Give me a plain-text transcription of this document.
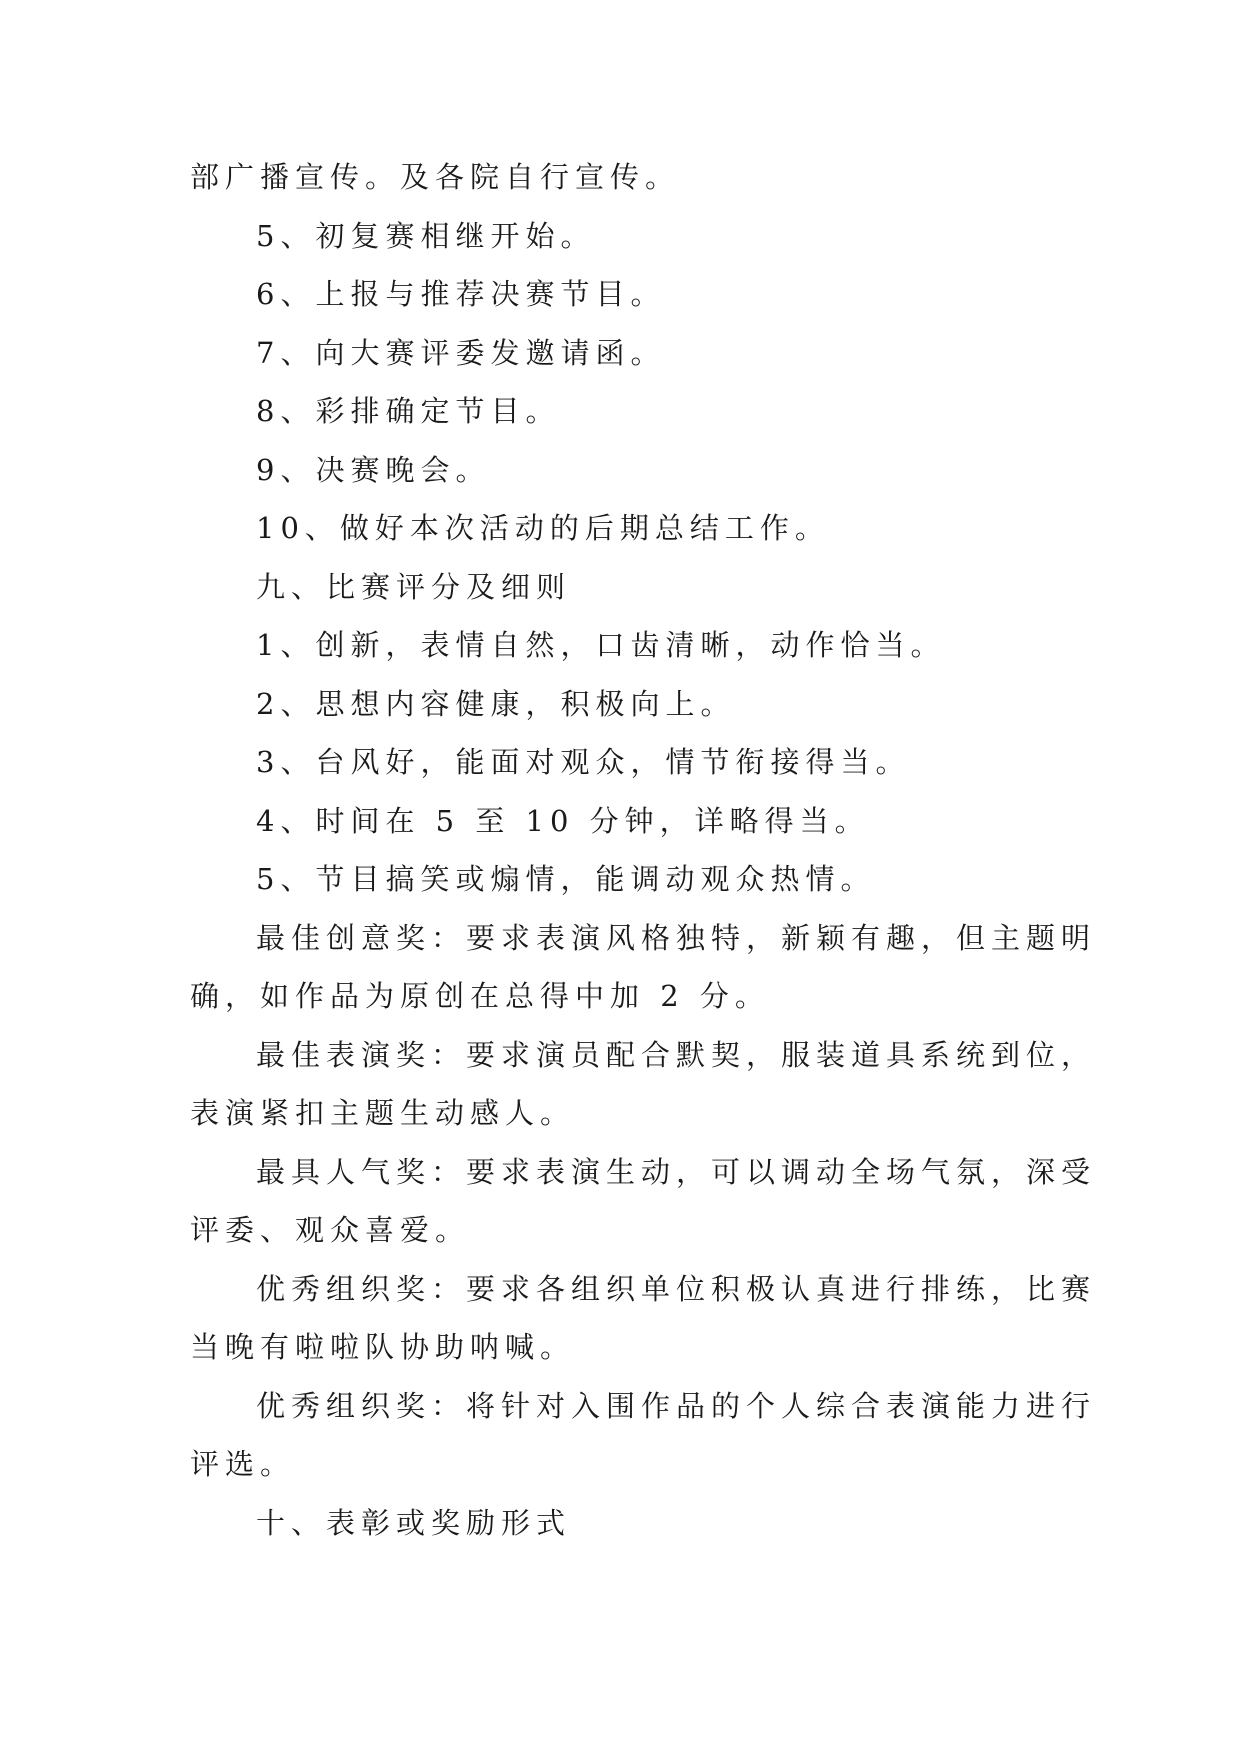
部广播宣传。及各院自行宣传。

5、初复赛相继开始。

6、上报与推荐决赛节目。

7、向大赛评委发邀请函。

8、彩排确定节目。

9、决赛晚会。

10、做好本次活动的后期总结工作。

九、比赛评分及细则

1、创新，表情自然，口齿清晰，动作恰当。

2、思想内容健康，积极向上。

3、台风好，能面对观众，情节衔接得当。

4、时间在 5 至 10 分钟，详略得当。

5、节目搞笑或煽情，能调动观众热情。

最佳创意奖：要求表演风格独特，新颖有趣，但主题明

确，如作品为原创在总得中加 2 分。

最佳表演奖：要求演员配合默契，服装道具系统到位，

表演紧扣主题生动感人。

最具人气奖：要求表演生动，可以调动全场气氛，深受

评委、观众喜爱。

优秀组织奖：要求各组织单位积极认真进行排练，比赛

当晚有啦啦队协助呐喊。

优秀组织奖：将针对入围作品的个人综合表演能力进行

评选。

十、表彰或奖励形式
